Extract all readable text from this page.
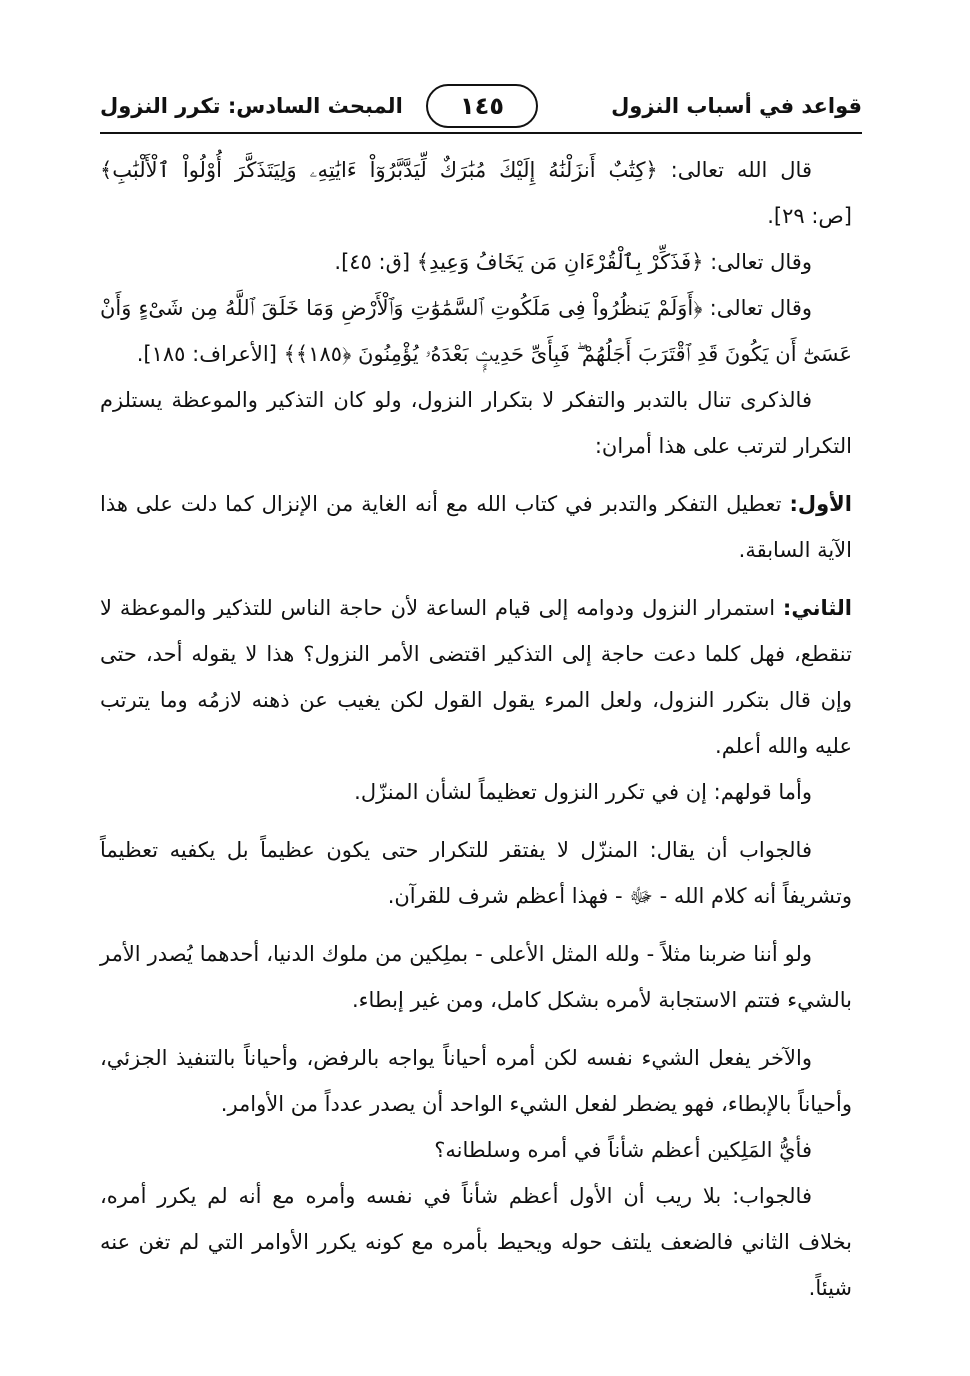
قواعد في أسباب النزول
١٤٥
المبحث السادس: تكرر النزول

قال الله تعالى: ﴿كِتَٰبٌ أَنزَلْنَٰهُ إِلَيْكَ مُبَٰرَكٌ لِّيَدَّبَّرُوٓاْ ءَايَٰتِهِۦ وَلِيَتَذَكَّرَ أُوْلُواْ ٱلْأَلْبَٰبِ﴾ [ص: ٢٩].

وقال تعالى: ﴿فَذَكِّرْ بِٱلْقُرْءَانِ مَن يَخَافُ وَعِيدِ﴾ [ق: ٤٥].

وقال تعالى: ﴿أَوَلَمْ يَنظُرُواْ فِى مَلَكُوتِ ٱلسَّمَٰوَٰتِ وَٱلْأَرْضِ وَمَا خَلَقَ ٱللَّهُ مِن شَىْءٍ وَأَنْ عَسَىٰٓ أَن يَكُونَ قَدِ ٱقْتَرَبَ أَجَلُهُمْ ۖ فَبِأَىِّ حَدِيثٍۭ بَعْدَهُۥ يُؤْمِنُونَ ﴿١٨٥﴾﴾ [الأعراف: ١٨٥].

فالذكرى تنال بالتدبر والتفكر لا بتكرار النزول، ولو كان التذكير والموعظة يستلزم التكرار لترتب على هذا أمران:

الأول: تعطيل التفكر والتدبر في كتاب الله مع أنه الغاية من الإنزال كما دلت على هذا الآية السابقة.

الثاني: استمرار النزول ودوامه إلى قيام الساعة لأن حاجة الناس للتذكير والموعظة لا تنقطع، فهل كلما دعت حاجة إلى التذكير اقتضى الأمر النزول؟ هذا لا يقوله أحد، حتى وإن قال بتكرر النزول، ولعل المرء يقول القول لكن يغيب عن ذهنه لازمُه وما يترتب عليه والله أعلم.

وأما قولهم: إن في تكرر النزول تعظيماً لشأن المنزّل.

فالجواب أن يقال: المنزّل لا يفتقر للتكرار حتى يكون عظيماً بل يكفيه تعظيماً وتشريفاً أنه كلام الله - ﷻ - فهذا أعظم شرف للقرآن.

ولو أننا ضربنا مثلاً - ولله المثل الأعلى - بملِكين من ملوك الدنيا، أحدهما يُصدر الأمر بالشيء فتتم الاستجابة لأمره بشكل كامل، ومن غير إبطاء.

والآخر يفعل الشيء نفسه لكن أمره أحياناً يواجه بالرفض، وأحياناً بالتنفيذ الجزئي، وأحياناً بالإبطاء، فهو يضطر لفعل الشيء الواحد أن يصدر عدداً من الأوامر.

فأيُّ المَلِكين أعظم شأناً في أمره وسلطانه؟

فالجواب: بلا ريب أن الأول أعظم شأناً في نفسه وأمره مع أنه لم يكرر أمره، بخلاف الثاني فالضعف يلتف حوله ويحيط بأمره مع كونه يكرر الأوامر التي لم تغن عنه شيئاً.
